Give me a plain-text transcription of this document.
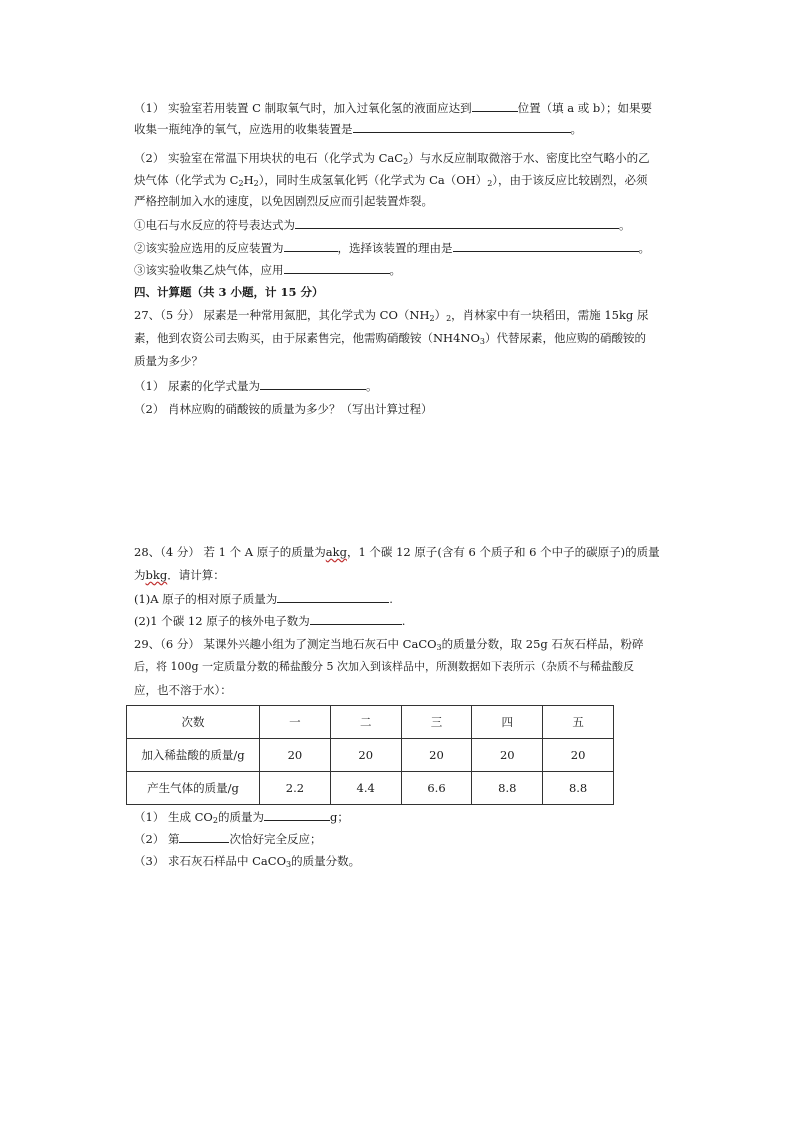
（1） 实验室若用装置 C 制取氧气时，加入过氧化氢的液面应达到	位置（填 a 或 b）；如果要
收集一瓶纯净的氧气，应选用的收集装置是	。
（2） 实验室在常温下用块状的电石（化学式为 CaC$_2$）与水反应制取微溶于水、密度比空气略小的乙
炔气体（化学式为 $C_2H_2$），同时生成氢氧化钙（化学式为 $Ca(OH)_2$），由于该反应比较剧烈，必须
严格控制加入水的速度，以免因剧烈反应而引起装置炸裂。
①电石与水反应的符号表达式为	。
②该实验应选用的反应装置为	，选择该装置的理由是	。
③该实验收集乙炔气体，应用	。
四、计算题（共 3 小题，计 15 分）
27、（5 分） 尿素是一种常用氮肥，其化学式为 $CO(NH_2)_2$，肖林家中有一块稻田，需施 15kg 尿
素，他到农资公司去购买，由于尿素售完，他需购硝酸铵$(NH4NO_3)$代替尿素，他应购的硝酸铵的
质量为多少？
（1） 尿素的化学式量为	。
（2） 肖林应购的硝酸铵的质量为多少？（写出计算过程）
28、（4 分） 若 1 个 A 原子的质量为akg，1 个碳 12 原子(含有 6 个质子和 6 个中子的碳原子)的质量
为bkg．请计算：
(1)A 原子的相对原子质量为	.
(2)1 个碳 12 原子的核外电子数为	.
29、（6 分） 某课外兴趣小组为了测定当地石灰石中 CaCO$_3$的质量分数，取 25g 石灰石样品，粉碎
后，将 100g 一定质量分数的稀盐酸分 5 次加入到该样品中，所测数据如下表所示（杂质不与稀盐酸反
应，也不溶于水）：
次数	一	二	三	四	五
加入稀盐酸的质量/g	20	20	20	20	20
产生气体的质量/g	2.2	4.4	6.6	8.8	8.8
（1） 生成 $CO_2$的质量为	g；
（2） 第	次恰好完全反应；
（3） 求石灰石样品中 CaCO$_3$的质量分数。
